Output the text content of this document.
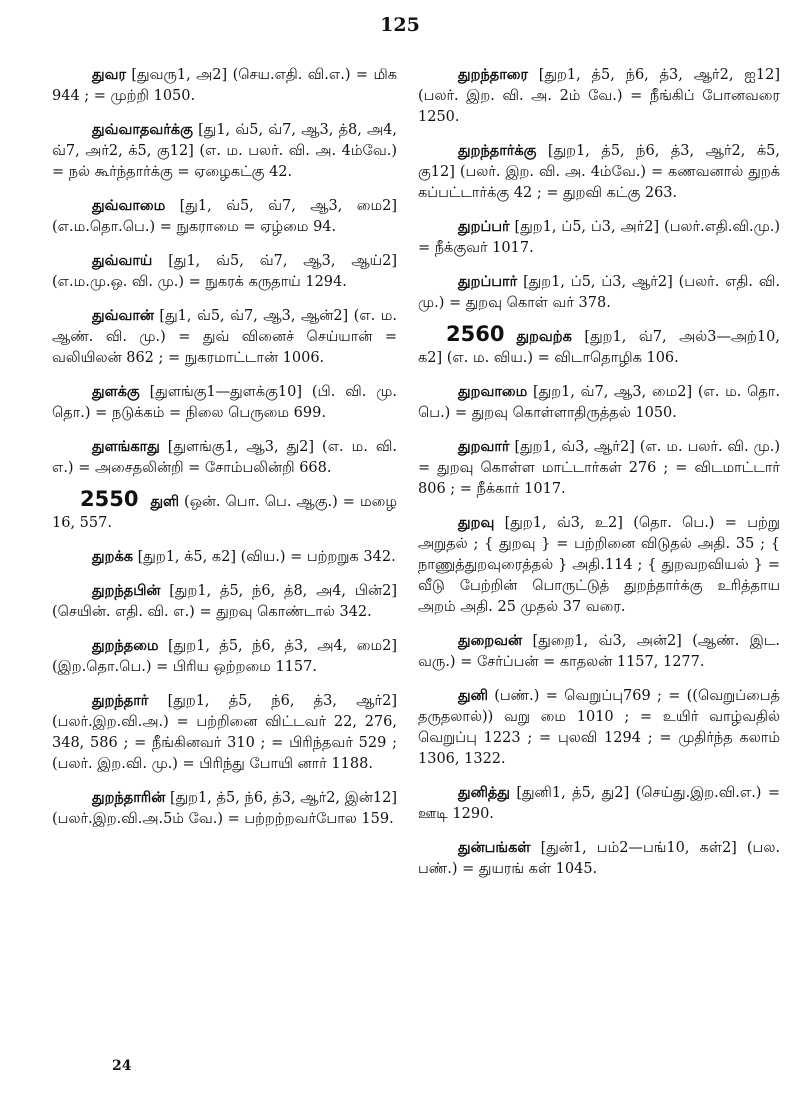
125

துவர [துவரு1, அ2] (செய.எதி. வி.எ.) = மிக 944 ; = முற்றி 1050.

துவ்வாதவர்க்கு [து1, வ்5, வ்7, ஆ3, த்8, அ4, வ்7, அர்2, க்5, கு12] (எ. ம. பலர். வி. அ. 4ம்வே.) = நல் கூர்ந்தார்க்கு = ஏழைகட்கு 42.

துவ்வாமை [து1, வ்5, வ்7, ஆ3, மை2] (எ.ம.தொ.பெ.) = நுகராமை = ஏழ்மை 94.

துவ்வாய் [து1, வ்5, வ்7, ஆ3, ஆய்2] (எ.ம.மு.ஒ. வி. மு.) = நுகரக் கருதாய் 1294.

துவ்வான் [து1, வ்5, வ்7, ஆ3, ஆன்2] (எ. ம. ஆண். வி. மு.) = துவ் வினைச் செய்யான் = வலியிலன் 862 ; = நுகரமாட்டான் 1006.

துளக்கு [துளங்கு1—துளக்கு10] (பி. வி. மு. தொ.) = நடுக்கம் = நிலை பெருமை 699.

துளங்காது [துளங்கு1, ஆ3, து2] (எ. ம. வி. எ.) = அசைதலின்றி = சோம்பலின்றி 668.

2550 துளி (ஒன். பொ. பெ. ஆகு.) = மழை 16, 557.

துறக்க [துற1, க்5, க2] (விய.) = பற்றறுக 342.

துறந்தபின் [துற1, த்5, ந்6, த்8, அ4, பின்2] (செயின். எதி. வி. எ.) = துறவு கொண்டால் 342.

துறந்தமை [துற1, த்5, ந்6, த்3, அ4, மை2] (இற.தொ.பெ.) = பிரிய ஒற்றமை 1157.

துறந்தார் [துற1, த்5, ந்6, த்3, ஆர்2] (பலர்.இற.வி.அ.) = பற்றினை விட்டவர் 22, 276, 348, 586 ; = நீங்கினவர் 310 ; = பிரிந்தவர் 529 ; (பலர். இற.வி. மு.) = பிரிந்து போயி னார் 1188.

துறந்தாரின் [துற1, த்5, ந்6, த்3, ஆர்2, இன்12] (பலர்.இற.வி.அ.5ம் வே.) = பற்றற்றவர்போல 159.

துறந்தாரை [துற1, த்5, ந்6, த்3, ஆர்2, ஐ12] (பலர். இற. வி. அ. 2ம் வே.) = நீங்கிப் போனவரை 1250.

துறந்தார்க்கு [துற1, த்5, ந்6, த்3, ஆர்2, க்5, கு12] (பலர். இற. வி. அ. 4ம்வே.) = கணவனால் துறக் கப்பட்டார்க்கு 42 ; = துறவி கட்கு 263.

துறப்பர் [துற1, ப்5, ப்3, அர்2] (பலர்.எதி.வி.மு.) = நீக்குவர் 1017.

துறப்பார் [துற1, ப்5, ப்3, ஆர்2] (பலர். எதி. வி. மு.) = துறவு கொள் வர் 378.

2560 துறவற்க [துற1, வ்7, அல்3—அற்10, க2] (எ. ம. விய.) = விடாதொழிக 106.

துறவாமை [துற1, வ்7, ஆ3, மை2] (எ. ம. தொ. பெ.) = துறவு கொள்ளாதிருத்தல் 1050.

துறவார் [துற1, வ்3, ஆர்2] (எ. ம. பலர். வி. மு.) = துறவு கொள்ள மாட்டார்கள் 276 ; = விடமாட்டார் 806 ; = நீக்கார் 1017.

துறவு [துற1, வ்3, உ2] (தொ. பெ.) = பற்று அறுதல் ; { துறவு } = பற்றினை விடுதல் அதி. 35 ; { நாணுத்துறவுரைத்தல் } அதி.114 ; { துறவறவியல் } = வீடு பேற்றின் பொருட்டுத் துறந்தார்க்கு உரித்தாய அறம் அதி. 25 முதல் 37 வரை.

துறைவன் [துறை1, வ்3, அன்2] (ஆண். இட. வரு.) = சேர்ப்பன் = காதலன் 1157, 1277.

துனி (பண்.) = வெறுப்பு769 ; = ((வெறுப்பைத் தருதலால்)) வறு மை 1010 ; = உயிர் வாழ்வதில் வெறுப்பு 1223 ; = புலவி 1294 ; = முதிர்ந்த கலாம் 1306, 1322.

துனித்து [துனி1, த்5, து2] (செய்து.இற.வி.எ.) = ஊடி 1290.

துன்பங்கள் [துன்1, பம்2—பங்10, கள்2] (பல. பண்.) = துயரங் கள் 1045.

24
